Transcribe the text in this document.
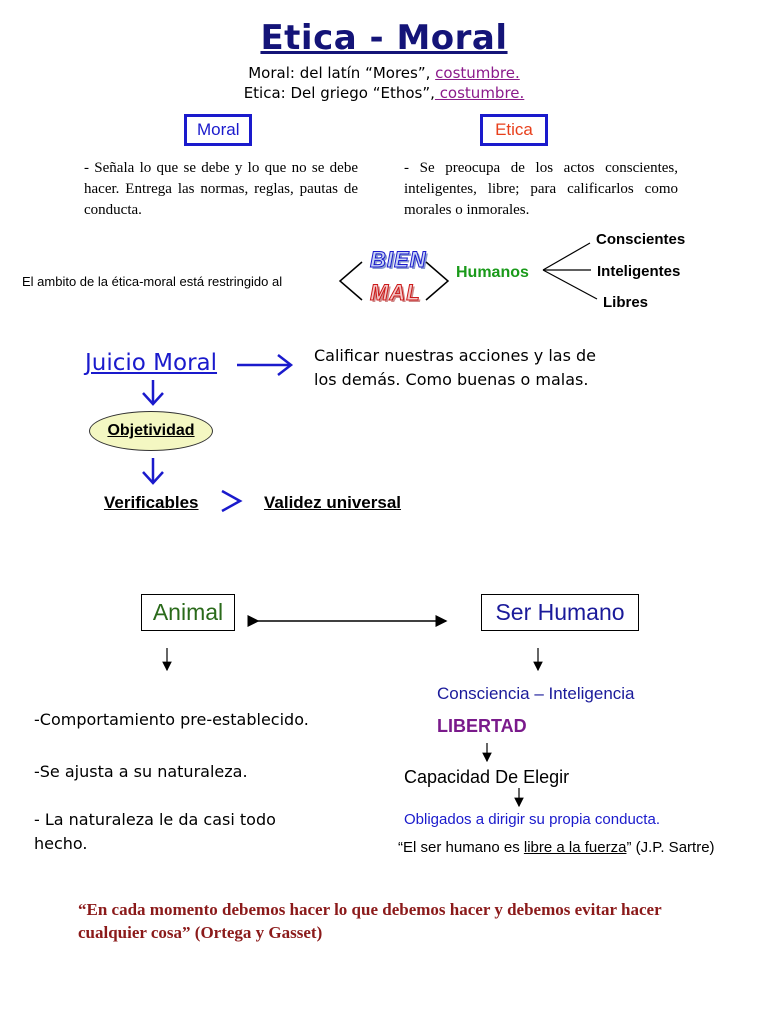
Etica - Moral
Moral: del latín “Mores”, costumbre.
Etica: Del griego “Ethos”, costumbre.
Moral	Etica
- Señala lo que se debe y lo que no se debe hacer. Entrega las normas, reglas, pautas de conducta.
- Se preocupa de los actos conscientes, inteligentes, libre; para calificarlos como morales o inmorales.
El ambito de la ética-moral está restringido al
BIEN
MAL
Humanos
Conscientes
Inteligentes
Libres
Juicio Moral	Calificar nuestras acciones y las de los demás. Como buenas o malas.
Objetividad
Verificables	Validez universal
Animal	Ser Humano
-Comportamiento pre-establecido.
-Se ajusta a su naturaleza.
- La naturaleza le da casi todo hecho.
Consciencia – Inteligencia
LIBERTAD
Capacidad De Elegir
Obligados a dirigir su propia conducta.
“El ser humano es libre a la fuerza” (J.P. Sartre)
“En cada momento debemos hacer lo que debemos hacer y debemos evitar hacer cualquier cosa” (Ortega y Gasset)
